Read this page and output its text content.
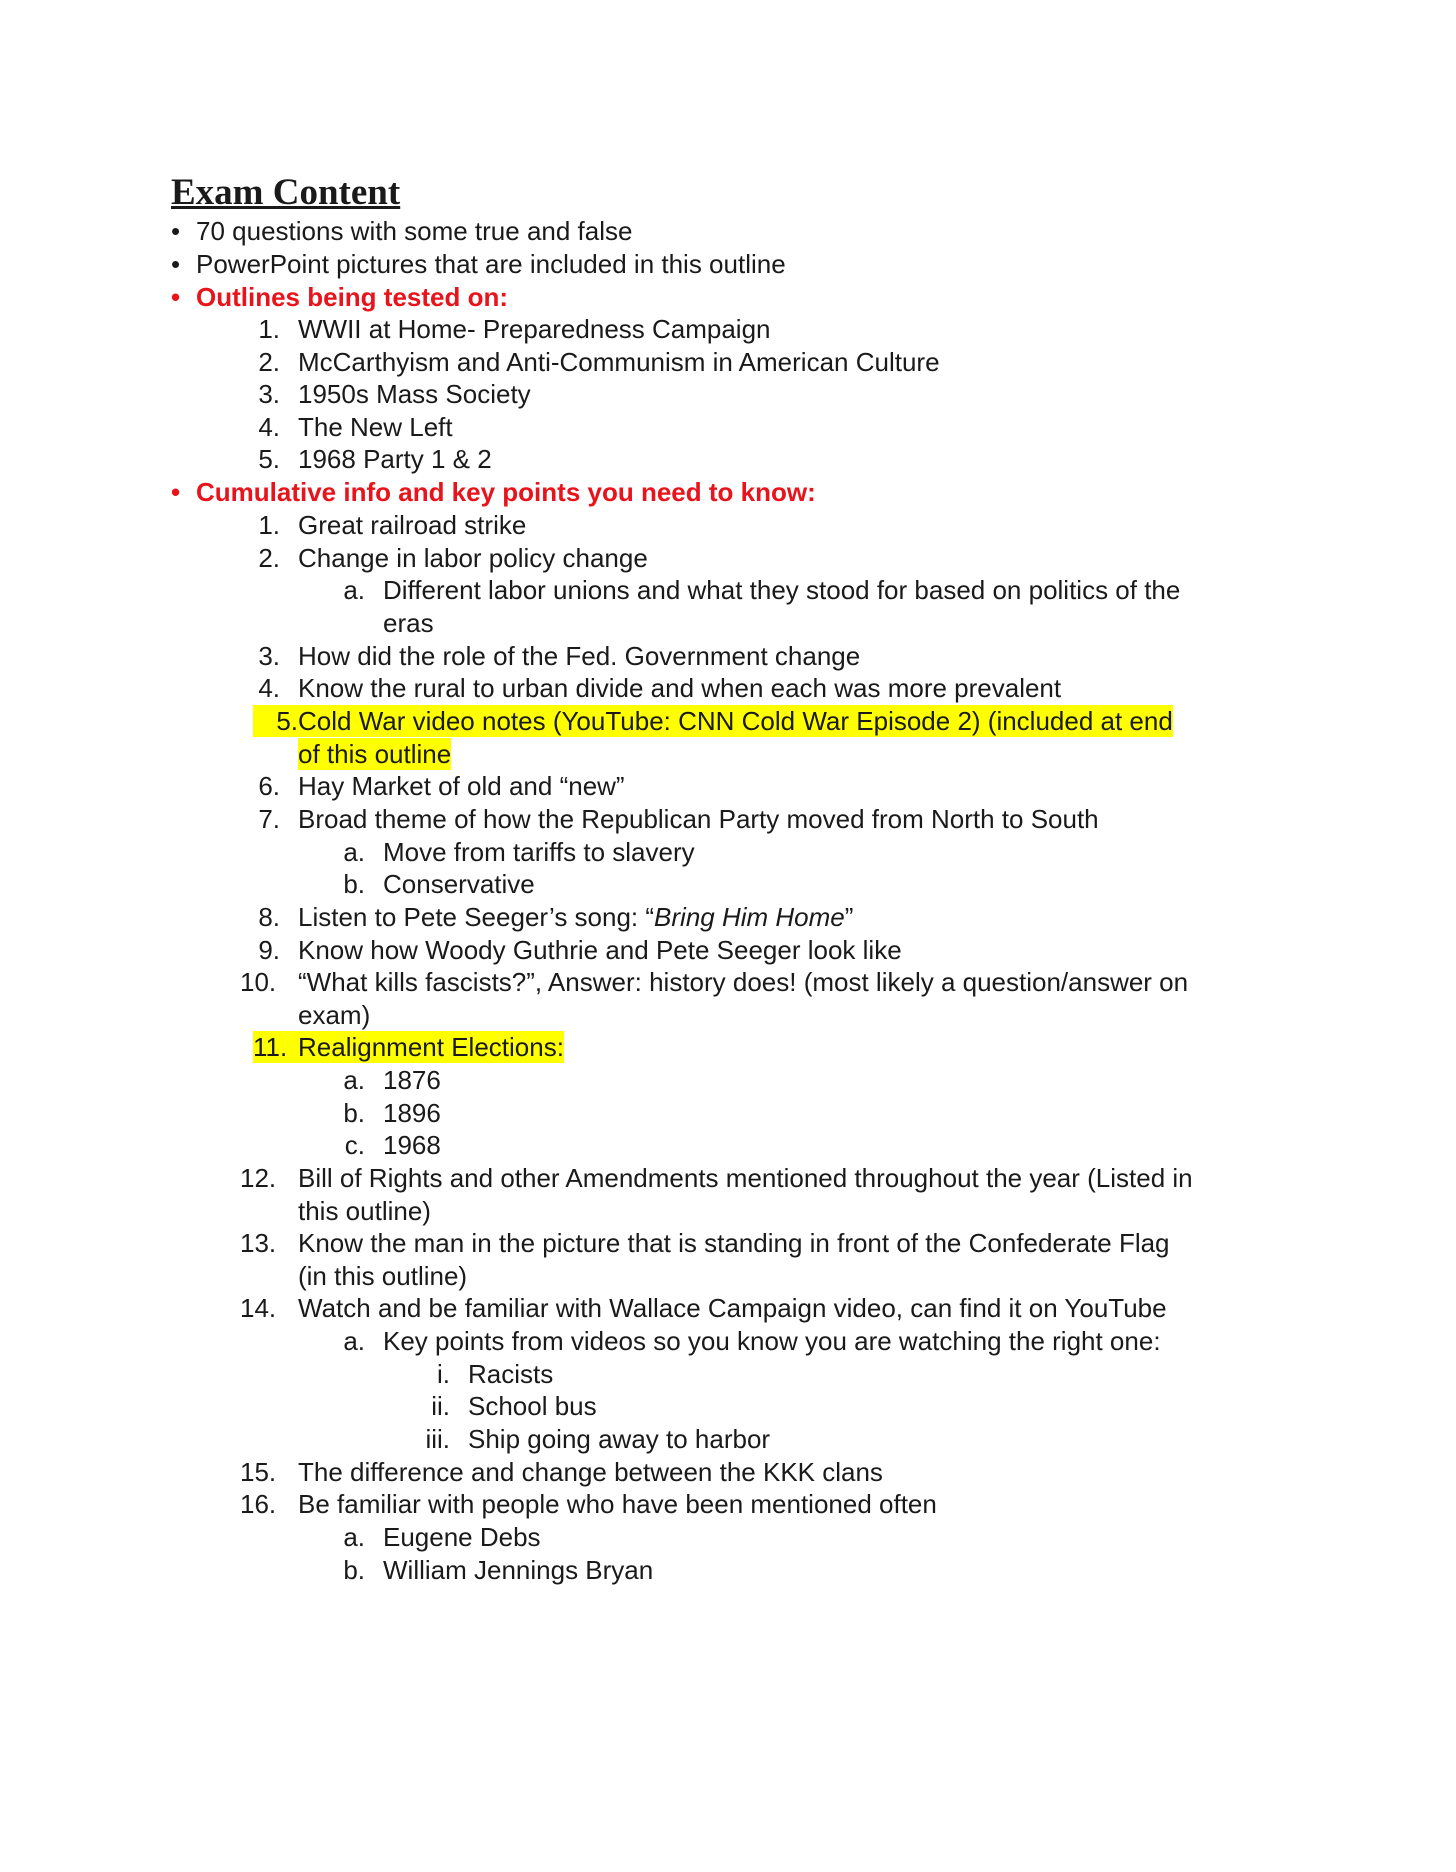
Exam Content
• 70 questions with some true and false
• PowerPoint pictures that are included in this outline
• Outlines being tested on:
1. WWII at Home- Preparedness Campaign
2. McCarthyism and Anti-Communism in American Culture
3. 1950s Mass Society
4. The New Left
5. 1968 Party 1 & 2
• Cumulative info and key points you need to know:
1. Great railroad strike
2. Change in labor policy change
a. Different labor unions and what they stood for based on politics of the
eras
3. How did the role of the Fed. Government change
4. Know the rural to urban divide and when each was more prevalent
5. Cold War video notes (YouTube: CNN Cold War Episode 2) (included at end
of this outline
6. Hay Market of old and “new”
7. Broad theme of how the Republican Party moved from North to South
a. Move from tariffs to slavery
b. Conservative
8. Listen to Pete Seeger’s song: “Bring Him Home”
9. Know how Woody Guthrie and Pete Seeger look like
10. “What kills fascists?”, Answer: history does! (most likely a question/answer on
exam)
11. Realignment Elections:
a. 1876
b. 1896
c. 1968
12. Bill of Rights and other Amendments mentioned throughout the year (Listed in
this outline)
13. Know the man in the picture that is standing in front of the Confederate Flag
(in this outline)
14. Watch and be familiar with Wallace Campaign video, can find it on YouTube
a. Key points from videos so you know you are watching the right one:
i. Racists
ii. School bus
iii. Ship going away to harbor
15. The difference and change between the KKK clans
16. Be familiar with people who have been mentioned often
a. Eugene Debs
b. William Jennings Bryan
